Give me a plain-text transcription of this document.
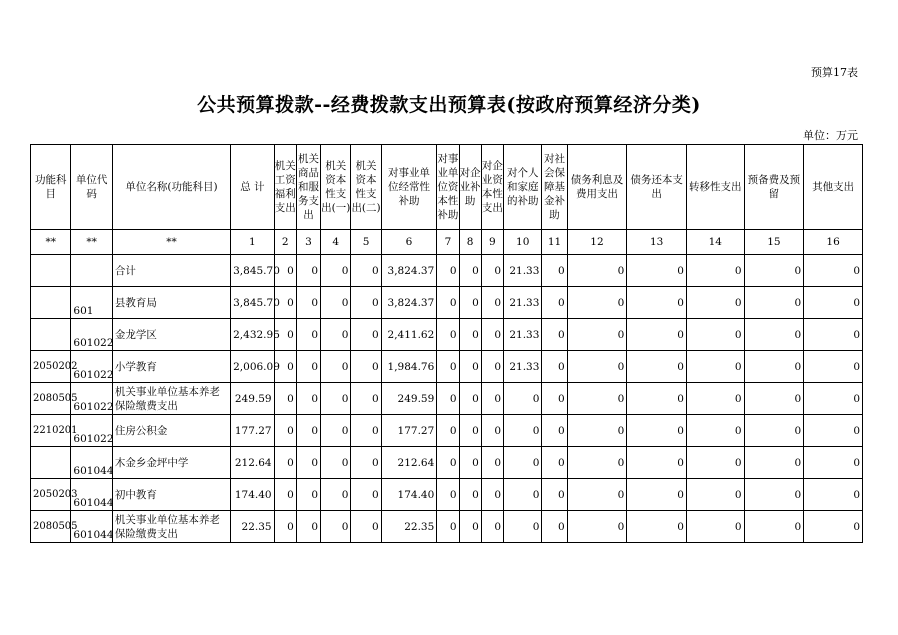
预算17表
公共预算拨款--经费拨款支出预算表(按政府预算经济分类)
单位：万元
功能科目	单位代码	单位名称(功能科目)	总 计	机关工资福利支出	机关商品和服务支出	机关资本性支出(一)	机关资本性支出(二)	对事业单位经常性补助	对事业单位资本性补助	对企业补助	对企业资本性支出	对个人和家庭的补助	对社会保障基金补助	债务利息及费用支出	债务还本支出	转移性支出	预备费及预留	其他支出
**	**	**	1	2	3	4	5	6	7	8	9	10	11	12	13	14	15	16
		合计	3,845.70	0	0	0	0	3,824.37	0	0	0	21.33	0	0	0	0	0	0
	601	县教育局	3,845.70	0	0	0	0	3,824.37	0	0	0	21.33	0	0	0	0	0	0
	601022	金龙学区	2,432.95	0	0	0	0	2,411.62	0	0	0	21.33	0	0	0	0	0	0
2050202	601022	小学教育	2,006.09	0	0	0	0	1,984.76	0	0	0	21.33	0	0	0	0	0	0
2080505	601022	机关事业单位基本养老保险缴费支出	249.59	0	0	0	0	249.59	0	0	0	0	0	0	0	0	0	0
2210201	601022	住房公积金	177.27	0	0	0	0	177.27	0	0	0	0	0	0	0	0	0	0
	601044	木金乡金坪中学	212.64	0	0	0	0	212.64	0	0	0	0	0	0	0	0	0	0
2050203	601044	初中教育	174.40	0	0	0	0	174.40	0	0	0	0	0	0	0	0	0	0
2080505	601044	机关事业单位基本养老保险缴费支出	22.35	0	0	0	0	22.35	0	0	0	0	0	0	0	0	0	0
